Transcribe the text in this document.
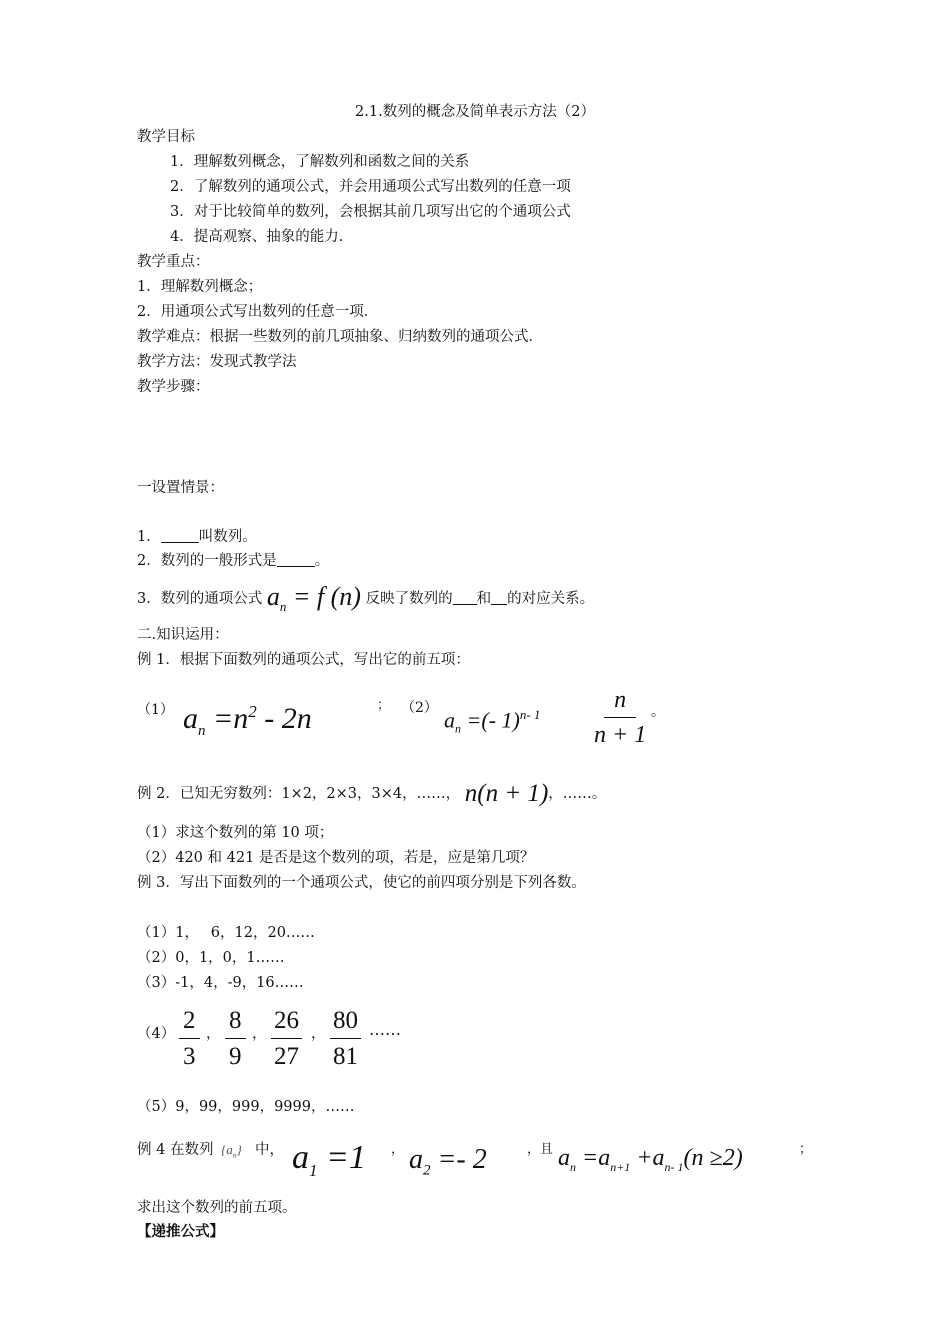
2.1.数列的概念及简单表示方法（2）
教学目标
1．理解数列概念，了解数列和函数之间的关系
2．了解数列的通项公式，并会用通项公式写出数列的任意一项
3．对于比较简单的数列，会根据其前几项写出它的个通项公式
4．提高观察、抽象的能力.
教学重点：
1．理解数列概念；
2．用通项公式写出数列的任意一项．
教学难点：根据一些数列的前几项抽象、归纳数列的通项公式．
教学方法：发现式教学法
教学步骤：
一设置情景：
1．	叫数列。
2．数列的一般形式是	。
3．数列的通项公式 $a_n = f$ (n) 反映了数列的 和 的对应关系。
二.知识运用：
例 1．根据下面数列的通项公式，写出它的前五项：
（1） $a_n =n^2 - 2n$	； （2） $a_n$ =(- $1)^{n- 1} \frac{n}{n + 1}$ 。
例 2．已知无穷数列：1×2，2×3，3×4，……， n(n + 1)，……。
（1）求这个数列的第 10 项；
（2）420 和 421 是否是这个数列的项，若是，应是第几项？
例 3．写出下面数列的一个通项公式，使它的前四项分别是下列各数。
（1）1，　 6，12，20……
（2）0，1，0，1……
（3）-1，4，-9，16……
$(4) \frac{2}{3}$ ， $\frac{8}{9}$ ， $\frac{26}{27}$ ， $\frac{80}{81}$ ……
（5）9，99，999，9999，……
例 4 在数列 $\{a_n\}$ 中， $a_1 =1$ ， $a_2 =- 2$	，且 $a_n =a_{n+1} +a_{n- 1}(n \ge 2)$	；
求出这个数列的前五项。
【递推公式】
